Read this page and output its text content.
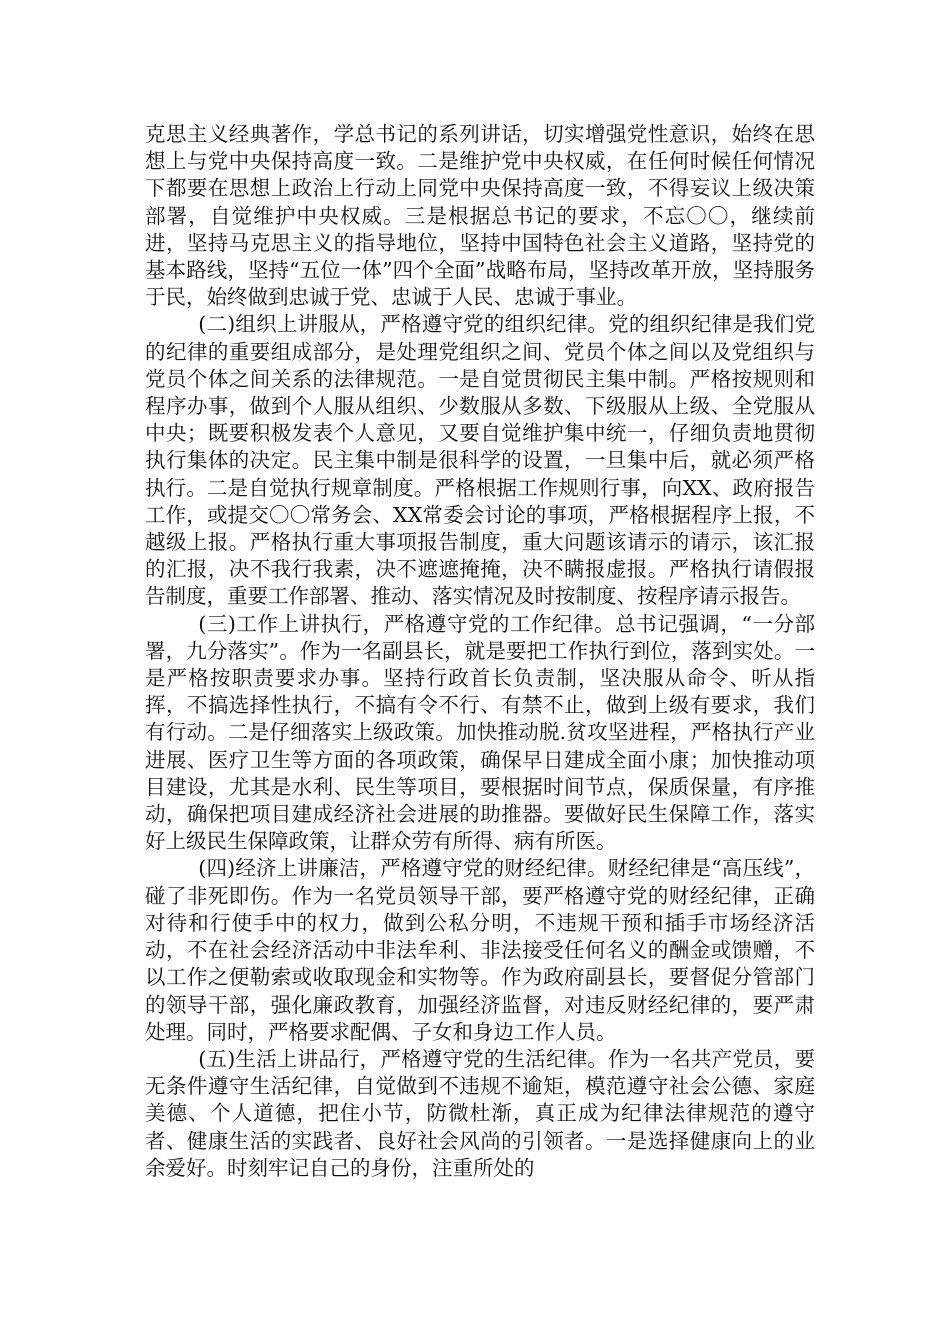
克思主义经典著作，学总书记的系列讲话，切实增强党性意识，始终在思想上与党中央保持高度一致。二是维护党中央权威，在任何时候任何情况下都要在思想上政治上行动上同党中央保持高度一致，不得妄议上级决策部署，自觉维护中央权威。三是根据总书记的要求，不忘〇〇，继续前进，坚持马克思主义的指导地位，坚持中国特色社会主义道路，坚持党的基本路线，坚持“五位一体”四个全面”战略布局，坚持改革开放，坚持服务于民，始终做到忠诚于党、忠诚于人民、忠诚于事业。

(二)组织上讲服从，严格遵守党的组织纪律。党的组织纪律是我们党的纪律的重要组成部分，是处理党组织之间、党员个体之间以及党组织与党员个体之间关系的法律规范。一是自觉贯彻民主集中制。严格按规则和程序办事，做到个人服从组织、少数服从多数、下级服从上级、全党服从中央；既要积极发表个人意见，又要自觉维护集中统一，仔细负责地贯彻执行集体的决定。民主集中制是很科学的设置，一旦集中后，就必须严格执行。二是自觉执行规章制度。严格根据工作规则行事，向XX、政府报告工作，或提交〇〇常务会、XX常委会讨论的事项，严格根据程序上报，不越级上报。严格执行重大事项报告制度，重大问题该请示的请示，该汇报的汇报，决不我行我素，决不遮遮掩掩，决不瞒报虚报。严格执行请假报告制度，重要工作部署、推动、落实情况及时按制度、按程序请示报告。

(三)工作上讲执行，严格遵守党的工作纪律。总书记强调，“一分部署，九分落实”。作为一名副县长，就是要把工作执行到位，落到实处。一是严格按职责要求办事。坚持行政首长负责制，坚决服从命令、听从指挥，不搞选择性执行，不搞有令不行、有禁不止，做到上级有要求，我们有行动。二是仔细落实上级政策。加快推动脱.贫攻坚进程，严格执行产业进展、医疗卫生等方面的各项政策，确保早日建成全面小康；加快推动项目建设，尤其是水利、民生等项目，要根据时间节点，保质保量，有序推动，确保把项目建成经济社会进展的助推器。要做好民生保障工作，落实好上级民生保障政策，让群众劳有所得、病有所医。

(四)经济上讲廉洁，严格遵守党的财经纪律。财经纪律是“高压线”，碰了非死即伤。作为一名党员领导干部，要严格遵守党的财经纪律，正确对待和行使手中的权力，做到公私分明，不违规干预和插手市场经济活动，不在社会经济活动中非法牟利、非法接受任何名义的酬金或馈赠，不以工作之便勒索或收取现金和实物等。作为政府副县长，要督促分管部门的领导干部，强化廉政教育，加强经济监督，对违反财经纪律的，要严肃处理。同时，严格要求配偶、子女和身边工作人员。

(五)生活上讲品行，严格遵守党的生活纪律。作为一名共产党员，要无条件遵守生活纪律，自觉做到不违规不逾矩，模范遵守社会公德、家庭美德、个人道德，把住小节，防微杜渐，真正成为纪律法律规范的遵守者、健康生活的实践者、良好社会风尚的引领者。一是选择健康向上的业余爱好。时刻牢记自己的身份，注重所处的
